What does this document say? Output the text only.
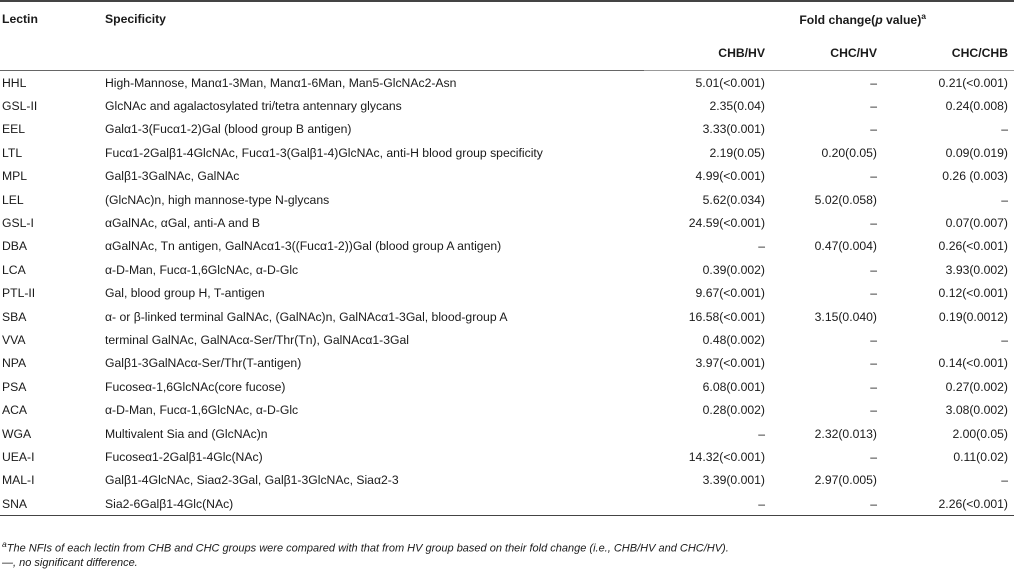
Lectin	Specificity	Fold change(p value)$^a$
		CHB/HV	CHC/HV	CHC/CHB
HHL	High-Mannose, Manα1-3Man, Manα1-6Man, Man5-GlcNAc2-Asn	5.01(<0.001)	–	0.21(<0.001)
GSL-II	GlcNAc and agalactosylated tri/tetra antennary glycans	2.35(0.04)	–	0.24(0.008)
EEL	Galα1-3(Fucα1-2)Gal (blood group B antigen)	3.33(0.001)	–	–
LTL	Fucα1-2Galβ1-4GlcNAc, Fucα1-3(Galβ1-4)GlcNAc, anti-H blood group specificity	2.19(0.05)	0.20(0.05)	0.09(0.019)
MPL	Galβ1-3GalNAc, GalNAc	4.99(<0.001)	–	0.26 (0.003)
LEL	(GlcNAc)n, high mannose-type N-glycans	5.62(0.034)	5.02(0.058)	–
GSL-I	αGalNAc, αGal, anti-A and B	24.59(<0.001)	–	0.07(0.007)
DBA	αGalNAc, Tn antigen, GalNAcα1-3((Fucα1-2))Gal (blood group A antigen)	–	0.47(0.004)	0.26(<0.001)
LCA	α-D-Man, Fucα-1,6GlcNAc, α-D-Glc	0.39(0.002)	–	3.93(0.002)
PTL-II	Gal, blood group H, T-antigen	9.67(<0.001)	–	0.12(<0.001)
SBA	α- or β-linked terminal GalNAc, (GalNAc)n, GalNAcα1-3Gal, blood-group A	16.58(<0.001)	3.15(0.040)	0.19(0.0012)
VVA	terminal GalNAc, GalNAcα-Ser/Thr(Tn), GalNAcα1-3Gal	0.48(0.002)	–	–
NPA	Galβ1-3GalNAcα-Ser/Thr(T-antigen)	3.97(<0.001)	–	0.14(<0.001)
PSA	Fucoseα-1,6GlcNAc(core fucose)	6.08(0.001)	–	0.27(0.002)
ACA	α-D-Man, Fucα-1,6GlcNAc, α-D-Glc	0.28(0.002)	–	3.08(0.002)
WGA	Multivalent Sia and (GlcNAc)n	–	2.32(0.013)	2.00(0.05)
UEA-I	Fucoseα1-2Galβ1-4Glc(NAc)	14.32(<0.001)	–	0.11(0.02)
MAL-I	Galβ1-4GlcNAc, Siaα2-3Gal, Galβ1-3GlcNAc, Siaα2-3	3.39(0.001)	2.97(0.005)	–
SNA	Sia2-6Galβ1-4Glc(NAc)	–	–	2.26(<0.001)
$^a$The NFIs of each lectin from CHB and CHC groups were compared with that from HV group based on their fold change (i.e., CHB/HV and CHC/HV).
—, no significant difference.
